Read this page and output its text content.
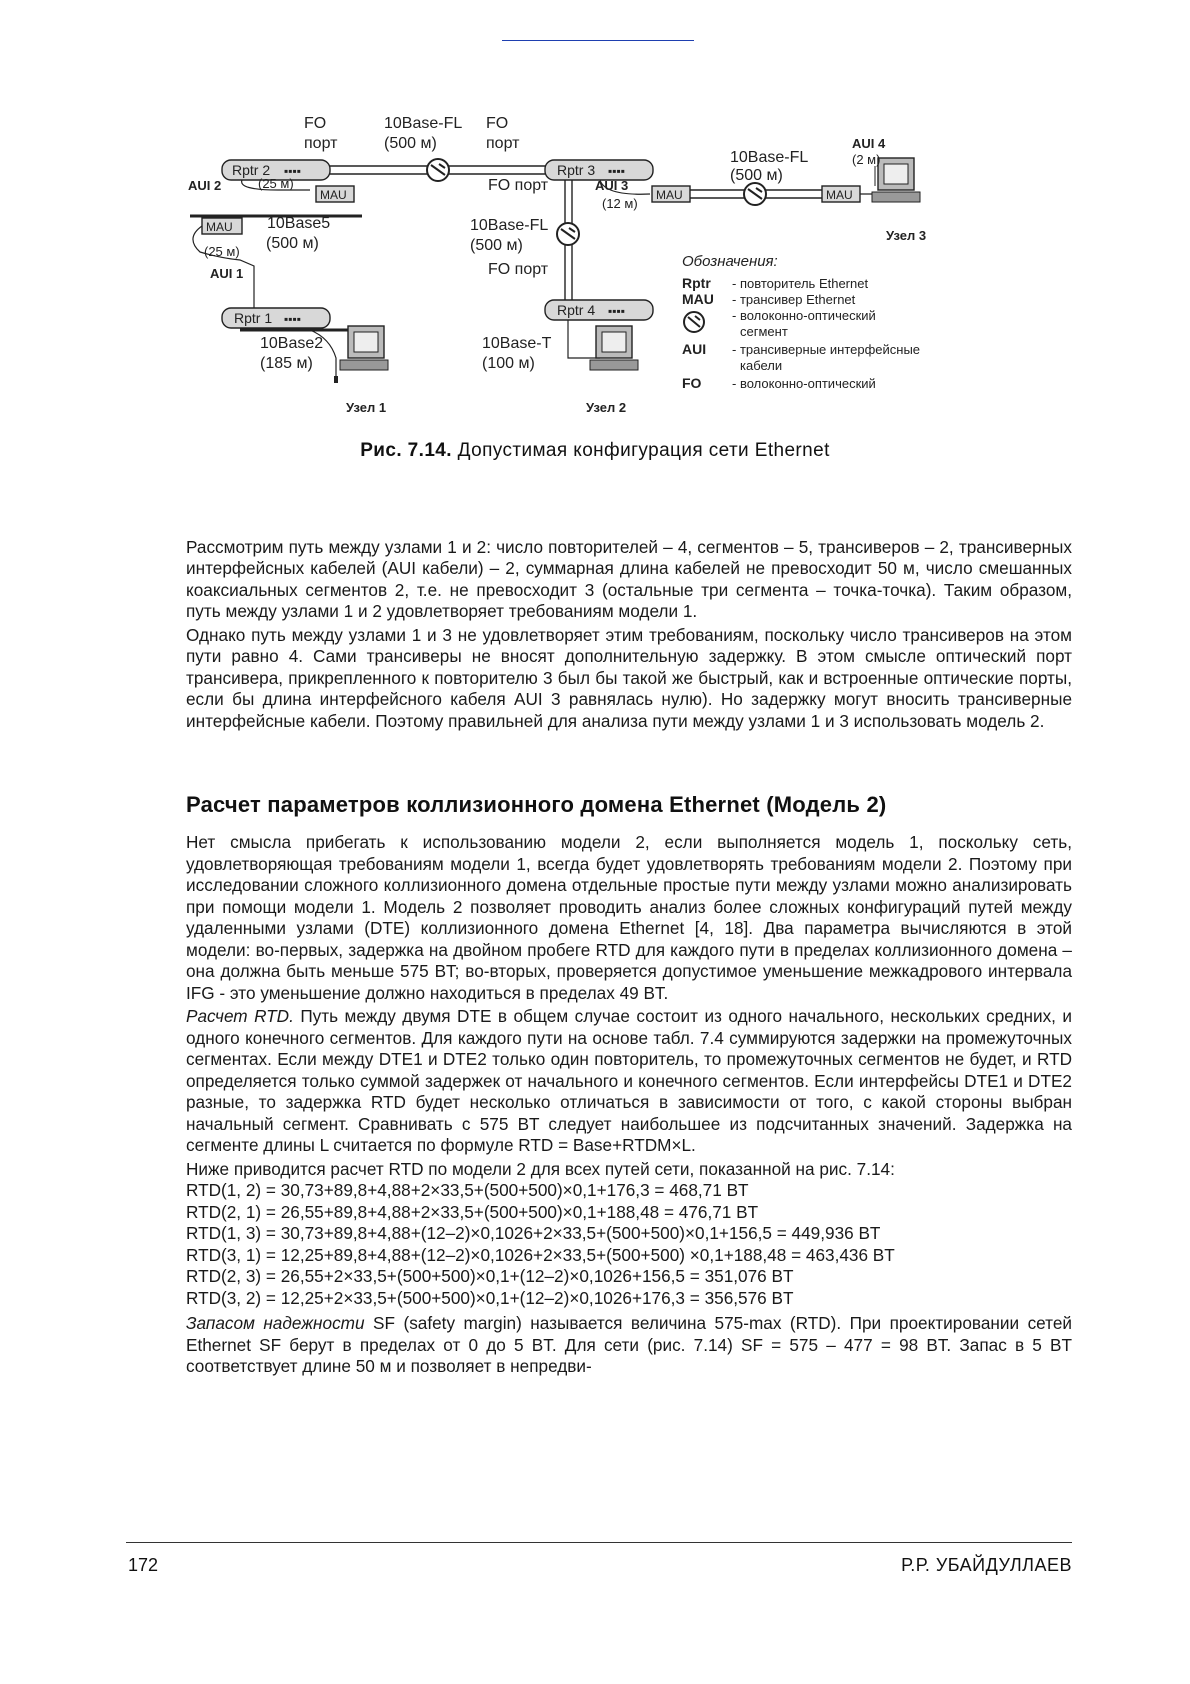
Rptr 2 ▪▪▪▪	Rptr 3 ▪▪▪▪
Rptr 1 ▪▪▪▪
Rptr 4 ▪▪▪▪
MAU	MAU
MAU
MAU
FO
порт
10Base-FL
(500 м)
FO
порт
10Base-FL
(500 м)
AUI 4
(2 м)
AUI 2	(25 м)	FO порт	AUI 3
(12 м)
10Base5
(500 м)
(25 м)
AUI 1
10Base-FL
(500 м)
FO порт
10Base2
(185 м)
10Base-T
(100 м)
Узел 1	Узел 2
Узел 3
Обозначения:
Rptr - повторитель Ethernet
MAU - трансивер Ethernet
- волоконно-оптический
сегмент
AUI - трансиверные интерфейсные
кабели
FO - волоконно-оптический
Рис. 7.14. Допустимая конфигурация сети Ethernet

Рассмотрим путь между узлами 1 и 2: число повторителей – 4, сегментов – 5, трансиверов – 2, трансиверных интерфейсных кабелей (AUI кабели) – 2, суммарная длина кабелей не превосходит 50 м, число смешанных коаксиальных сегментов 2, т.е. не превосходит 3 (остальные три сегмента – точка-точка). Таким образом, путь между узлами 1 и 2 удовлетворяет требованиям модели 1.

Однако путь между узлами 1 и 3 не удовлетворяет этим требованиям, поскольку число трансиверов на этом пути равно 4. Сами трансиверы не вносят дополнительную задержку. В этом смысле оптический порт трансивера, прикрепленного к повторителю 3 был бы такой же быстрый, как и встроенные оптические порты, если бы длина интерфейсного кабеля AUI 3 равнялась нулю). Но задержку могут вносить трансиверные интерфейсные кабели. Поэтому правильней для анализа пути между узлами 1 и 3 использовать модель 2.

Расчет параметров коллизионного домена Ethernet (Модель 2)

Нет смысла прибегать к использованию модели 2, если выполняется модель 1, поскольку сеть, удовлетворяющая требованиям модели 1, всегда будет удовлетворять требованиям модели 2. Поэтому при исследовании сложного коллизионного домена отдельные простые пути между узлами можно анализировать при помощи модели 1. Модель 2 позволяет проводить анализ более сложных конфигураций путей между удаленными узлами (DTE) коллизионного домена Ethernet [4, 18]. Два параметра вычисляются в этой модели: во-первых, задержка на двойном пробеге RTD для каждого пути в пределах коллизионного домена – она должна быть меньше 575 BT; во-вторых, проверяется допустимое уменьшение межкадрового интервала IFG - это уменьшение должно находиться в пределах 49 BT.

Расчет RTD. Путь между двумя DTE в общем случае состоит из одного начального, нескольких средних, и одного конечного сегментов. Для каждого пути на основе табл. 7.4 суммируются задержки на промежуточных сегментах. Если между DTE1 и DTE2 только один повторитель, то промежуточных сегментов не будет, и RTD определяется только суммой задержек от начального и конечного сегментов. Если интерфейсы DTE1 и DTE2 разные, то задержка RTD будет несколько отличаться в зависимости от того, с какой стороны выбран начальный сегмент. Сравнивать с 575 BT следует наибольшее из подсчитанных значений. Задержка на сегменте длины L считается по формуле RTD = Base+RTDM×L.

Ниже приводится расчет RTD по модели 2 для всех путей сети, показанной на рис. 7.14:

RTD(1, 2) = 30,73+89,8+4,88+2×33,5+(500+500)×0,1+176,3 = 468,71 BT

RTD(2, 1) = 26,55+89,8+4,88+2×33,5+(500+500)×0,1+188,48 = 476,71 BT

RTD(1, 3) = 30,73+89,8+4,88+(12–2)×0,1026+2×33,5+(500+500)×0,1+156,5 = 449,936 BT

RTD(3, 1) = 12,25+89,8+4,88+(12–2)×0,1026+2×33,5+(500+500) ×0,1+188,48 = 463,436 BT

RTD(2, 3) = 26,55+2×33,5+(500+500)×0,1+(12–2)×0,1026+156,5 = 351,076 BT

RTD(3, 2) = 12,25+2×33,5+(500+500)×0,1+(12–2)×0,1026+176,3 = 356,576 BT

Запасом надежности SF (safety margin) называется величина 575-max (RTD). При проектировании сетей Ethernet SF берут в пределах от 0 до 5 BT. Для сети (рис. 7.14) SF = 575 – 477 = 98 BT. Запас в 5 BT соответствует длине 50 м и позволяет в непредви-

172	Р.Р. УБАЙДУЛЛАЕВ
